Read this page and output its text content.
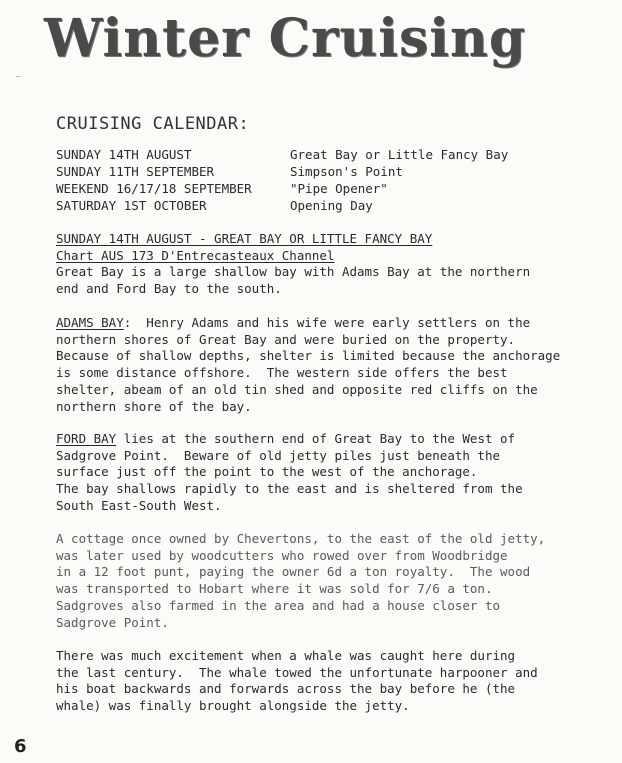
Winter Cruising
CRUISING CALENDAR:
SUNDAY 14TH AUGUST	Great Bay or Little Fancy Bay
SUNDAY 11TH SEPTEMBER	Simpson's Point
WEEKEND 16/17/18 SEPTEMBER	"Pipe Opener"
SATURDAY 1ST OCTOBER	Opening Day
SUNDAY 14TH AUGUST - GREAT BAY OR LITTLE FANCY BAY
Chart AUS 173 D'Entrecasteaux Channel
Great Bay is a large shallow bay with Adams Bay at the northern
end and Ford Bay to the south.
ADAMS BAY:  Henry Adams and his wife were early settlers on the
northern shores of Great Bay and were buried on the property.
Because of shallow depths, shelter is limited because the anchorage
is some distance offshore.  The western side offers the best
shelter, abeam of an old tin shed and opposite red cliffs on the
northern shore of the bay.
FORD BAY lies at the southern end of Great Bay to the West of
Sadgrove Point.  Beware of old jetty piles just beneath the
surface just off the point to the west of the anchorage.
The bay shallows rapidly to the east and is sheltered from the
South East-South West.
A cottage once owned by Chevertons, to the east of the old jetty,
was later used by woodcutters who rowed over from Woodbridge
in a 12 foot punt, paying the owner 6d a ton royalty.  The wood
was transported to Hobart where it was sold for 7/6 a ton.
Sadgroves also farmed in the area and had a house closer to
Sadgrove Point.
There was much excitement when a whale was caught here during
the last century.  The whale towed the unfortunate harpooner and
his boat backwards and forwards across the bay before he (the
whale) was finally brought alongside the jetty.
6
